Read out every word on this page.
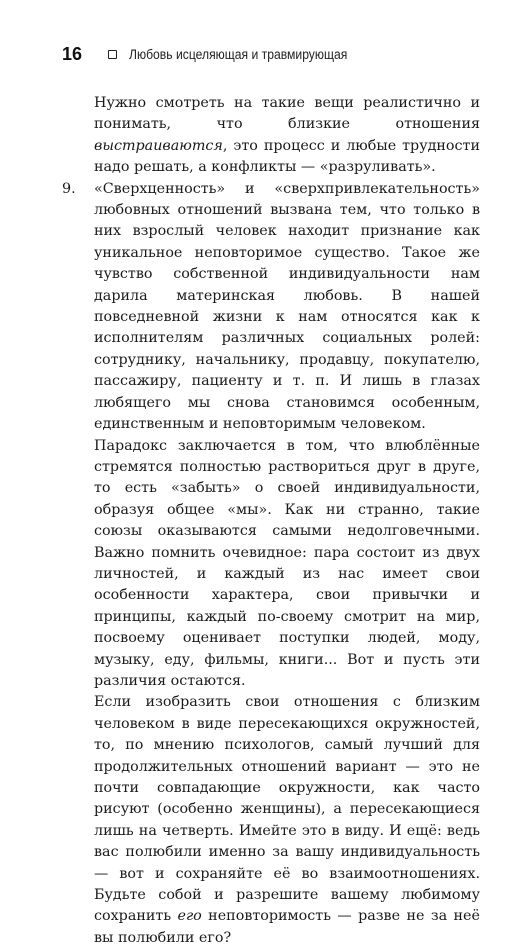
16	Любовь исцеляющая и травмирующая

Нужно смотреть на такие вещи реалистично и понимать, что близкие отношения выстраиваются, это процесс и любые трудности надо решать, а конфликты — «разруливать».

9. «Сверхценность» и «сверхпривлекательность» любовных отношений вызвана тем, что только в них взрослый человек находит признание как уникальное неповторимое существо. Такое же чувство собственной индивидуальности нам дарила материнская любовь. В нашей повседневной жизни к нам относятся как к исполнителям различных социальных ролей: сотруднику, начальнику, продавцу, покупателю, пассажиру, пациенту и т. п. И лишь в глазах любящего мы снова становимся особенным, единственным и неповторимым человеком.

Парадокс заключается в том, что влюблённые стремятся полностью раствориться друг в друге, то есть «забыть» о своей индивидуальности, образуя общее «мы». Как ни странно, такие союзы оказываются самыми недолговечными. Важно помнить очевидное: пара состоит из двух личностей, и каждый из нас имеет свои особенности характера, свои привычки и принципы, каждый по-своему смотрит на мир, посвоему оценивает поступки людей, моду, музыку, еду, фильмы, книги... Вот и пусть эти различия остаются.

Если изобразить свои отношения с близким человеком в виде пересекающихся окружностей, то, по мнению психологов, самый лучший для продолжительных отношений вариант — это не почти совпадающие окружности, как часто рисуют (особенно женщины), а пересекающиеся лишь на четверть. Имейте это в виду. И ещё: ведь вас полюбили именно за вашу индивидуальность — вот и сохраняйте её во взаимоотношениях. Будьте собой и разрешите вашему любимому сохранить его неповторимость — разве не за неё вы полюбили его?
